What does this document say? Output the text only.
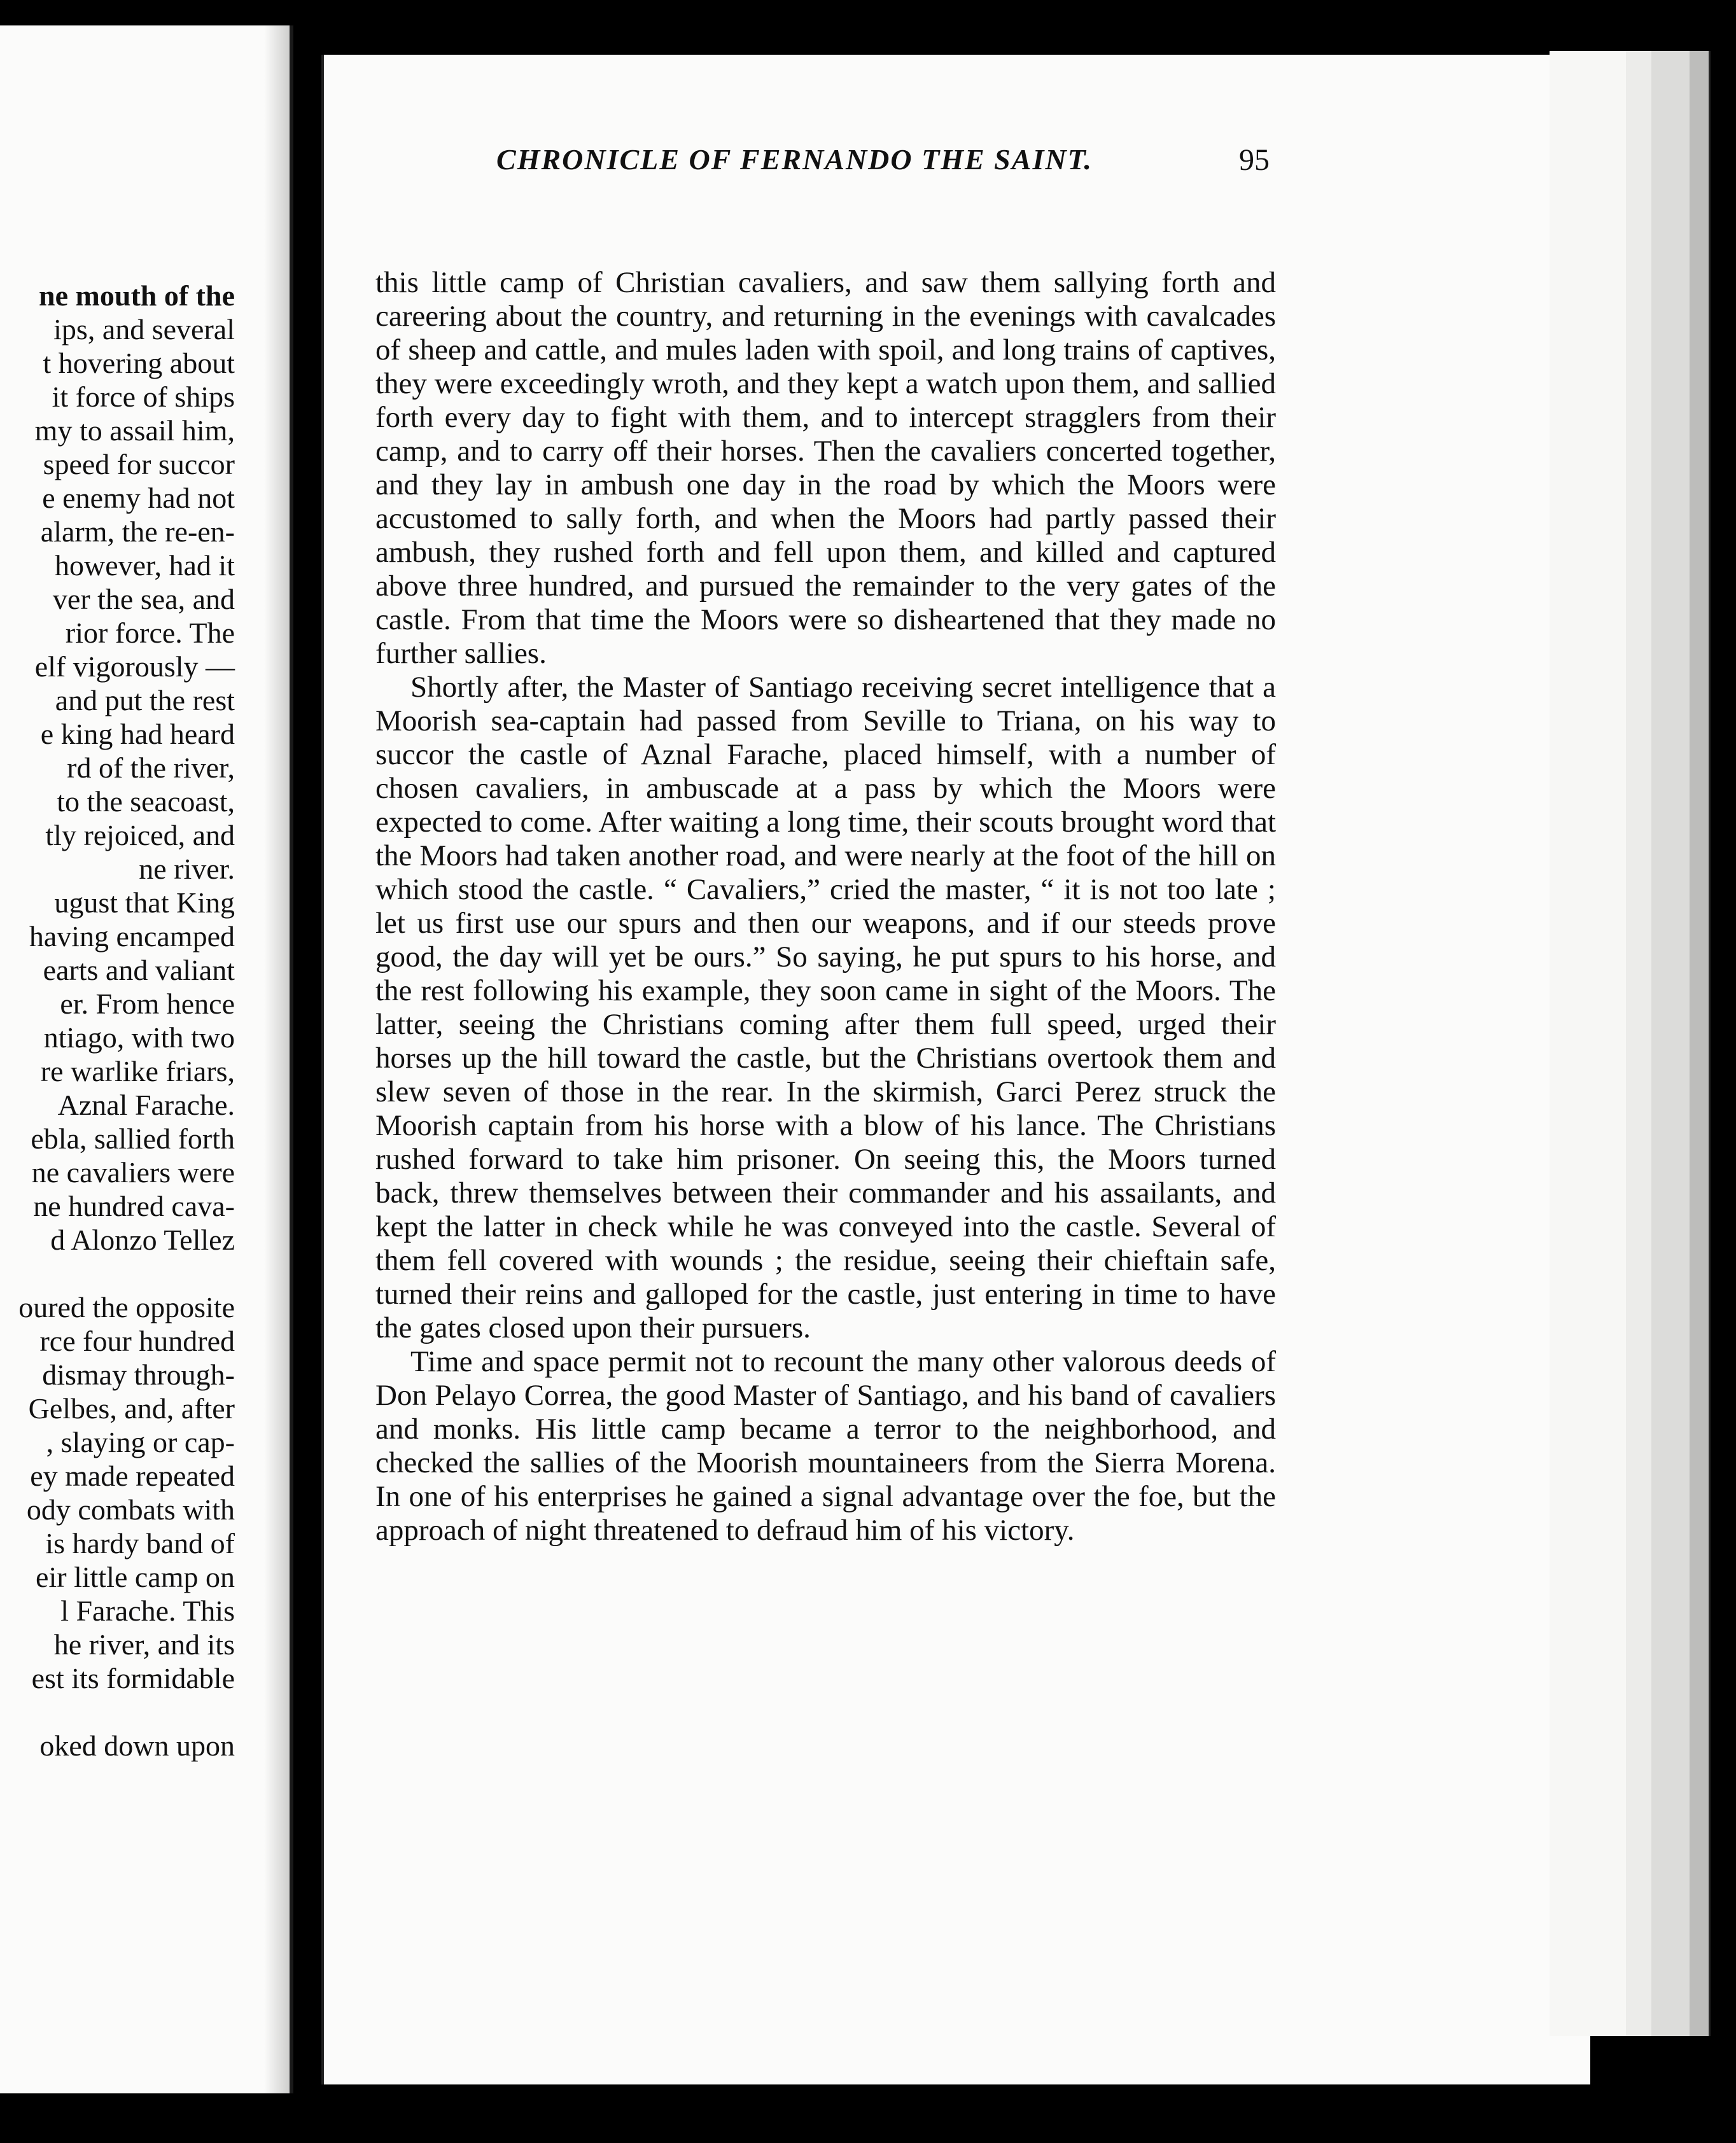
ne mouth of the
ips, and several
t hovering about
it force of ships
my to assail him,
speed for succor
e enemy had not
alarm, the re-en-
however, had it
ver the sea, and
rior force. The
elf vigorously —
and put the rest
e king had heard
rd of the river,
to the seacoast,
tly rejoiced, and
ne river.
ugust that King
having encamped
earts and valiant
er. From hence
ntiago, with two
re warlike friars,
Aznal Farache.
ebla, sallied forth
ne cavaliers were
ne hundred cava-
d Alonzo Tellez
oured the opposite
rce four hundred
dismay through-
Gelbes, and, after
, slaying or cap-
ey made repeated
ody combats with
is hardy band of
eir little camp on
l Farache. This
he river, and its
est its formidable
oked down upon
CHRONICLE OF FERNANDO THE SAINT.	95

this little camp of Christian cavaliers, and saw them sallying forth and careering about the country, and returning in the evenings with cavalcades of sheep and cattle, and mules laden with spoil, and long trains of captives, they were exceedingly wroth, and they kept a watch upon them, and sallied forth every day to fight with them, and to intercept stragglers from their camp, and to carry off their horses. Then the cavaliers concerted together, and they lay in ambush one day in the road by which the Moors were accustomed to sally forth, and when the Moors had partly passed their ambush, they rushed forth and fell upon them, and killed and captured above three hundred, and pursued the remainder to the very gates of the castle. From that time the Moors were so disheartened that they made no further sallies.

Shortly after, the Master of Santiago receiving secret intelligence that a Moorish sea-captain had passed from Seville to Triana, on his way to succor the castle of Aznal Farache, placed himself, with a number of chosen cavaliers, in ambuscade at a pass by which the Moors were expected to come. After waiting a long time, their scouts brought word that the Moors had taken another road, and were nearly at the foot of the hill on which stood the castle. “ Cavaliers,” cried the master, “ it is not too late ; let us first use our spurs and then our weapons, and if our steeds prove good, the day will yet be ours.” So saying, he put spurs to his horse, and the rest following his example, they soon came in sight of the Moors. The latter, seeing the Christians coming after them full speed, urged their horses up the hill toward the castle, but the Christians overtook them and slew seven of those in the rear. In the skirmish, Garci Perez struck the Moorish captain from his horse with a blow of his lance. The Christians rushed forward to take him prisoner. On seeing this, the Moors turned back, threw themselves between their commander and his assailants, and kept the latter in check while he was conveyed into the castle. Several of them fell covered with wounds ; the residue, seeing their chieftain safe, turned their reins and galloped for the castle, just entering in time to have the gates closed upon their pursuers.

Time and space permit not to recount the many other valorous deeds of Don Pelayo Correa, the good Master of Santiago, and his band of cavaliers and monks. His little camp became a terror to the neighborhood, and checked the sallies of the Moorish mountaineers from the Sierra Morena. In one of his enterprises he gained a signal advantage over the foe, but the approach of night threatened to defraud him of his victory.
